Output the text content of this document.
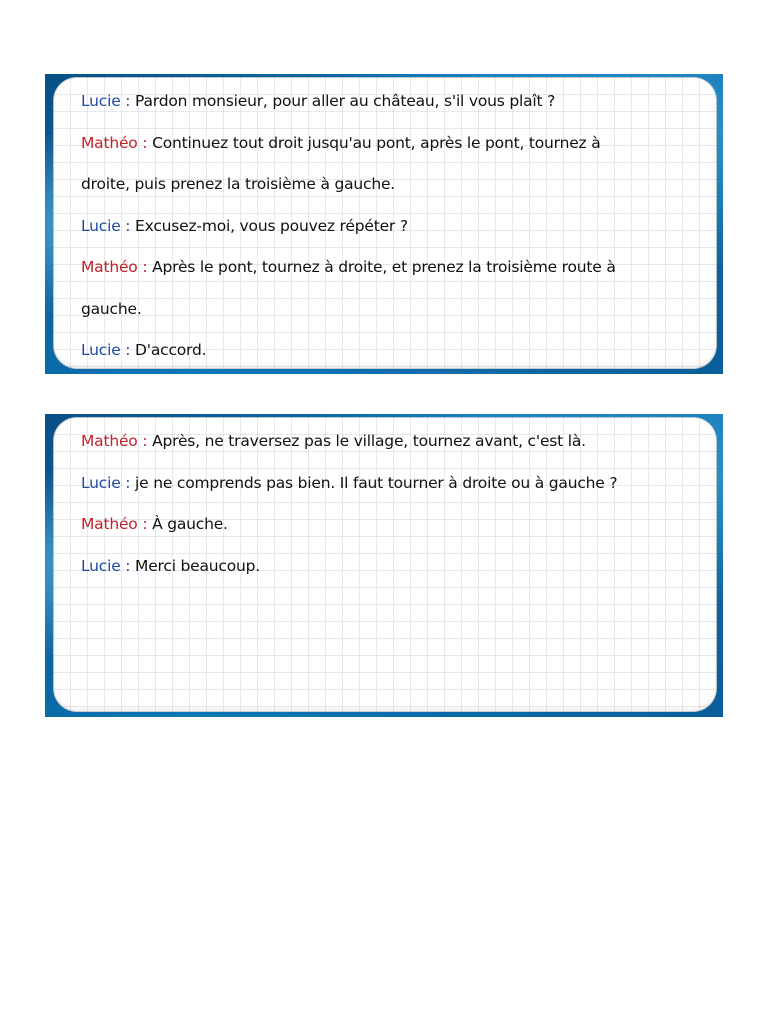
Lucie : Pardon monsieur, pour aller au château, s'il vous plaît ?

Mathéo : Continuez tout droit jusqu'au pont, après le pont, tournez à

droite, puis prenez la troisième à gauche.

Lucie : Excusez-moi, vous pouvez répéter ?

Mathéo : Après le pont, tournez à droite, et prenez la troisième route à

gauche.

Lucie : D'accord.

Mathéo : Après, ne traversez pas le village, tournez avant, c'est là.

Lucie : je ne comprends pas bien. Il faut tourner à droite ou à gauche ?

Mathéo : À gauche.

Lucie : Merci beaucoup.
